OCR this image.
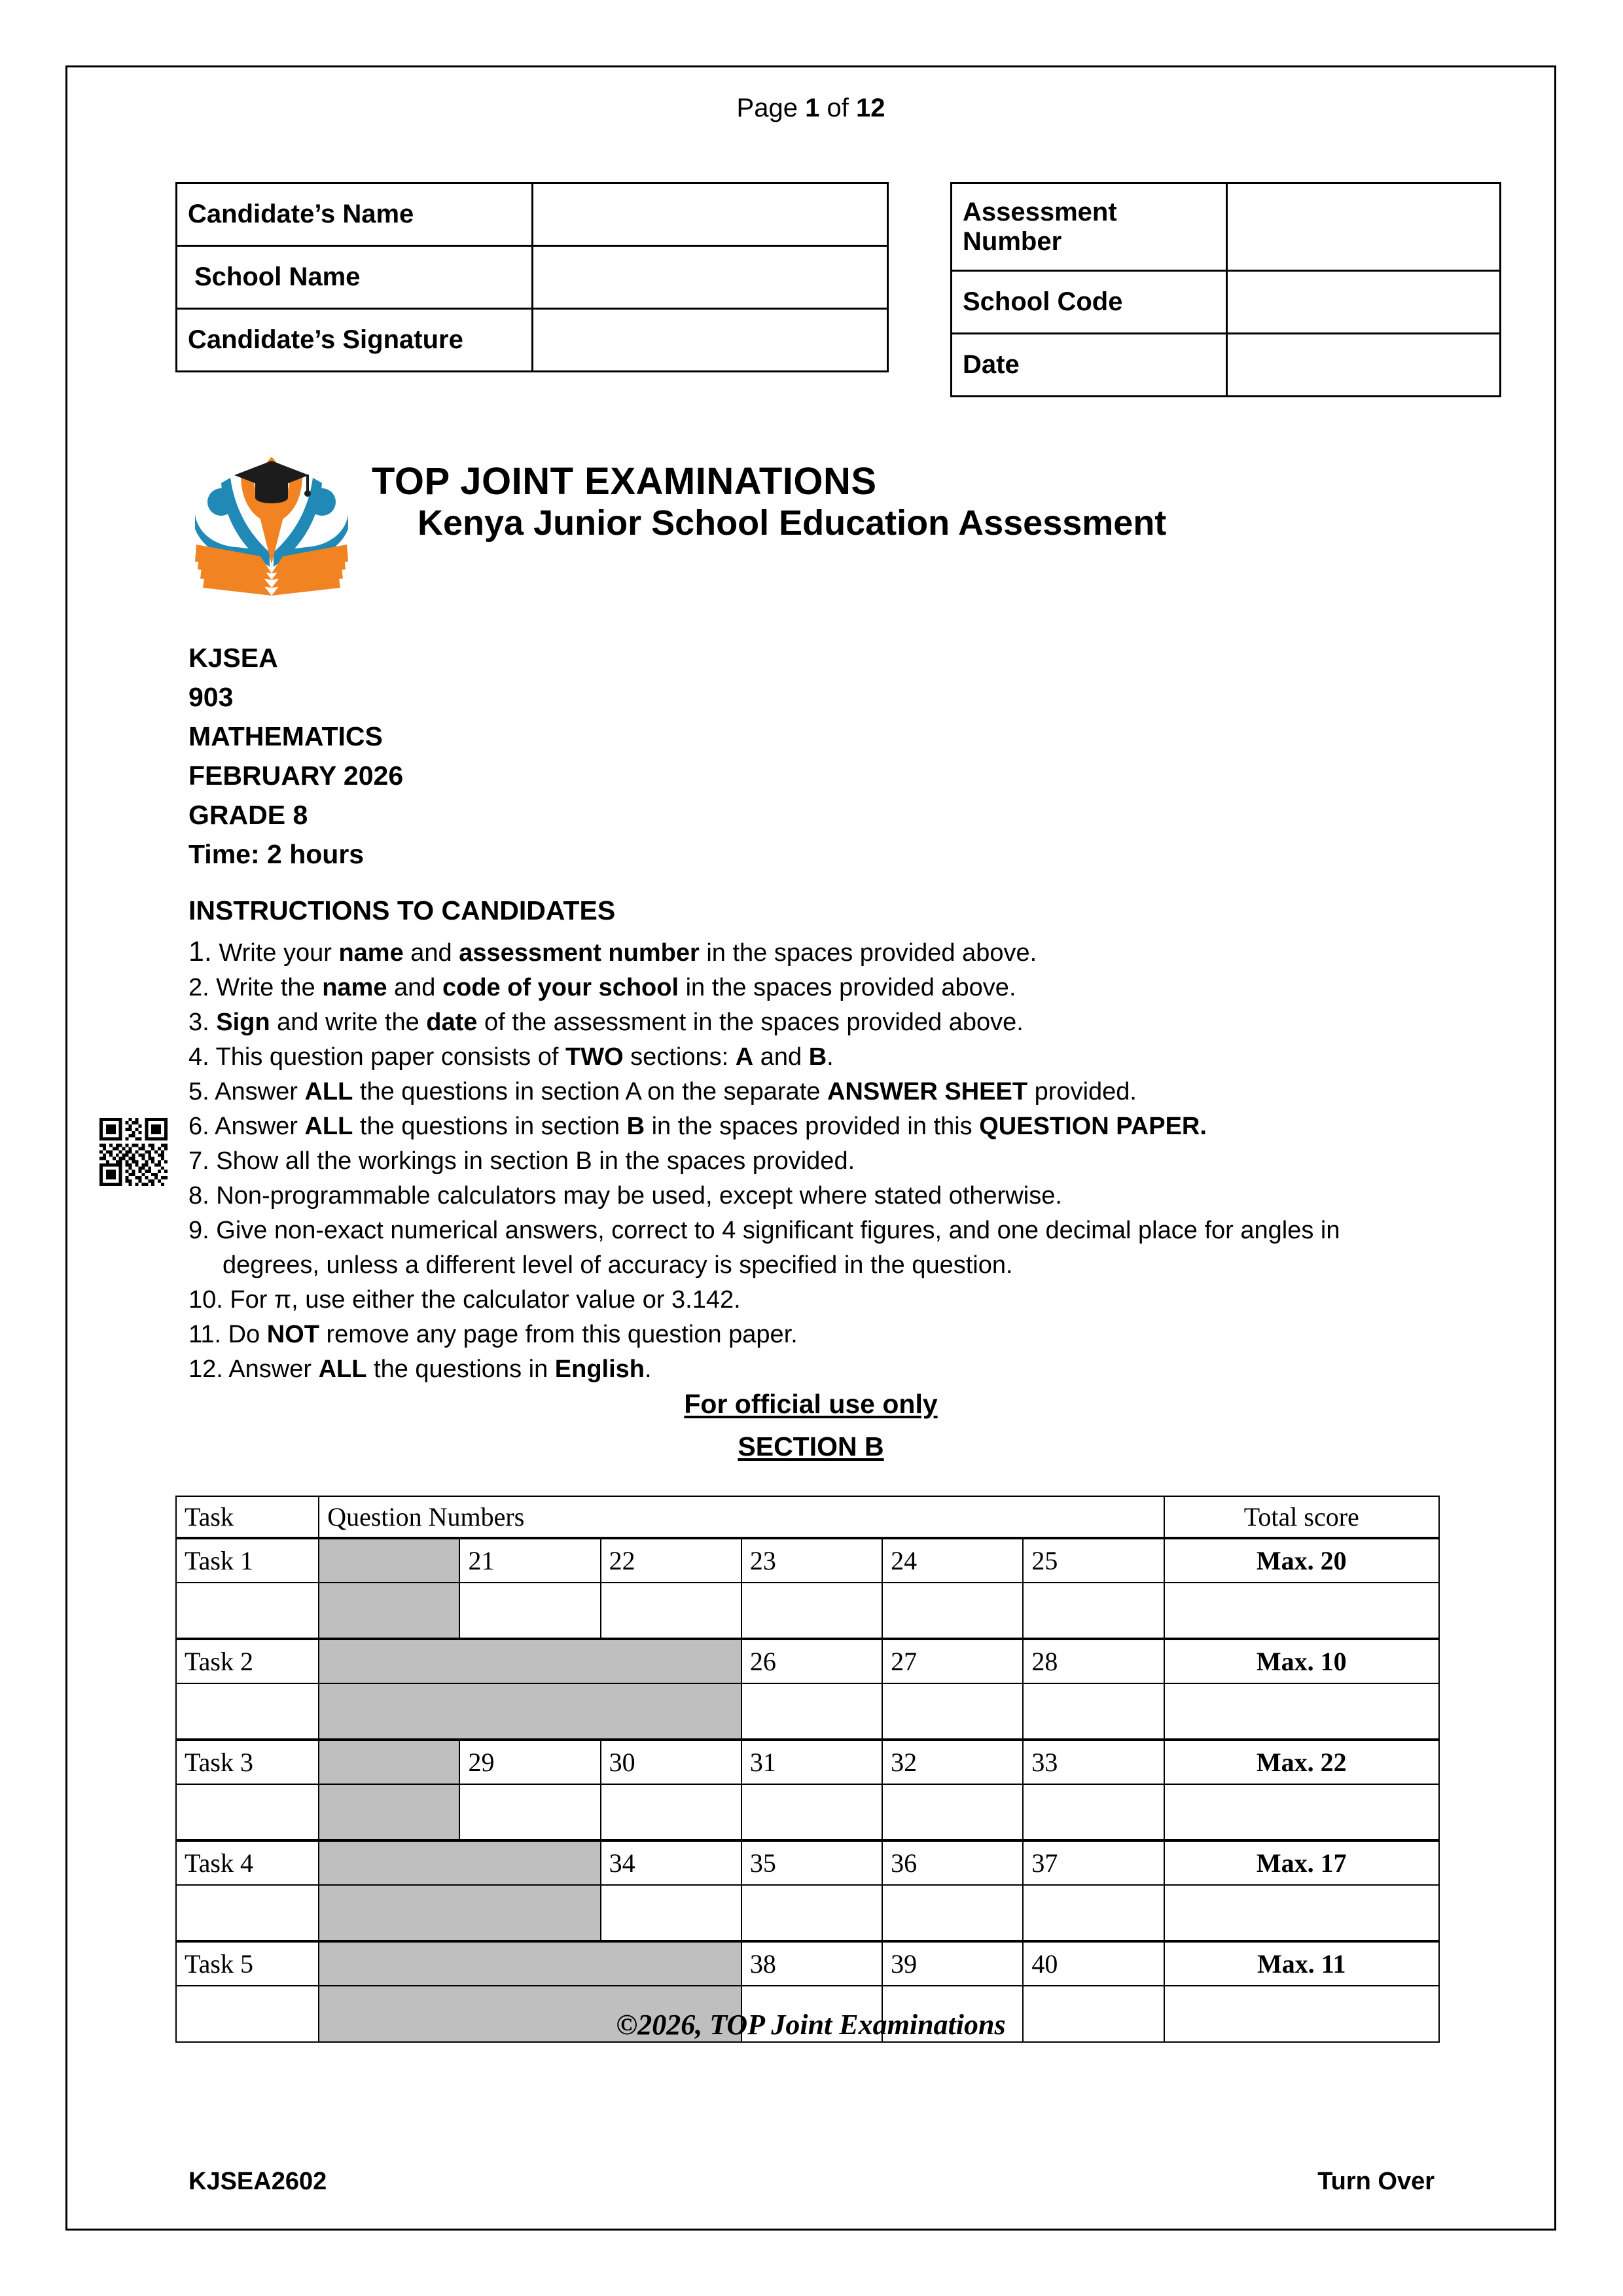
Page 1 of 12
Candidate’s Name	
School Name	
Candidate’s Signature	
Assessment Number	
School Code	
Date	
TOP JOINT EXAMINATIONS
Kenya Junior School Education Assessment
KJSEA
903
MATHEMATICS
FEBRUARY 2026
GRADE 8
Time: 2 hours
INSTRUCTIONS TO CANDIDATES
1. Write your name and assessment number in the spaces provided above.
2. Write the name and code of your school in the spaces provided above.
3. Sign and write the date of the assessment in the spaces provided above.
4. This question paper consists of TWO sections: A and B.
5. Answer ALL the questions in section A on the separate ANSWER SHEET provided.
6. Answer ALL the questions in section B in the spaces provided in this QUESTION PAPER.
7. Show all the workings in section B in the spaces provided.
8. Non-programmable calculators may be used, except where stated otherwise.
9. Give non-exact numerical answers, correct to 4 significant figures, and one decimal place for angles in
degrees, unless a different level of accuracy is specified in the question.
10. For π, use either the calculator value or 3.142.
11. Do NOT remove any page from this question paper.
12. Answer ALL the questions in English.
For official use only
SECTION B
Task	Question Numbers						Total score
Task 1		21	22	23	24	25	Max. 20

Task 2				26	27	28	Max. 10

Task 3		29	30	31	32	33	Max. 22

Task 4			34	35	36	37	Max. 17

Task 5				38	39	40	Max. 11

©2026, TOP Joint Examinations
KJSEA2602	Turn Over
